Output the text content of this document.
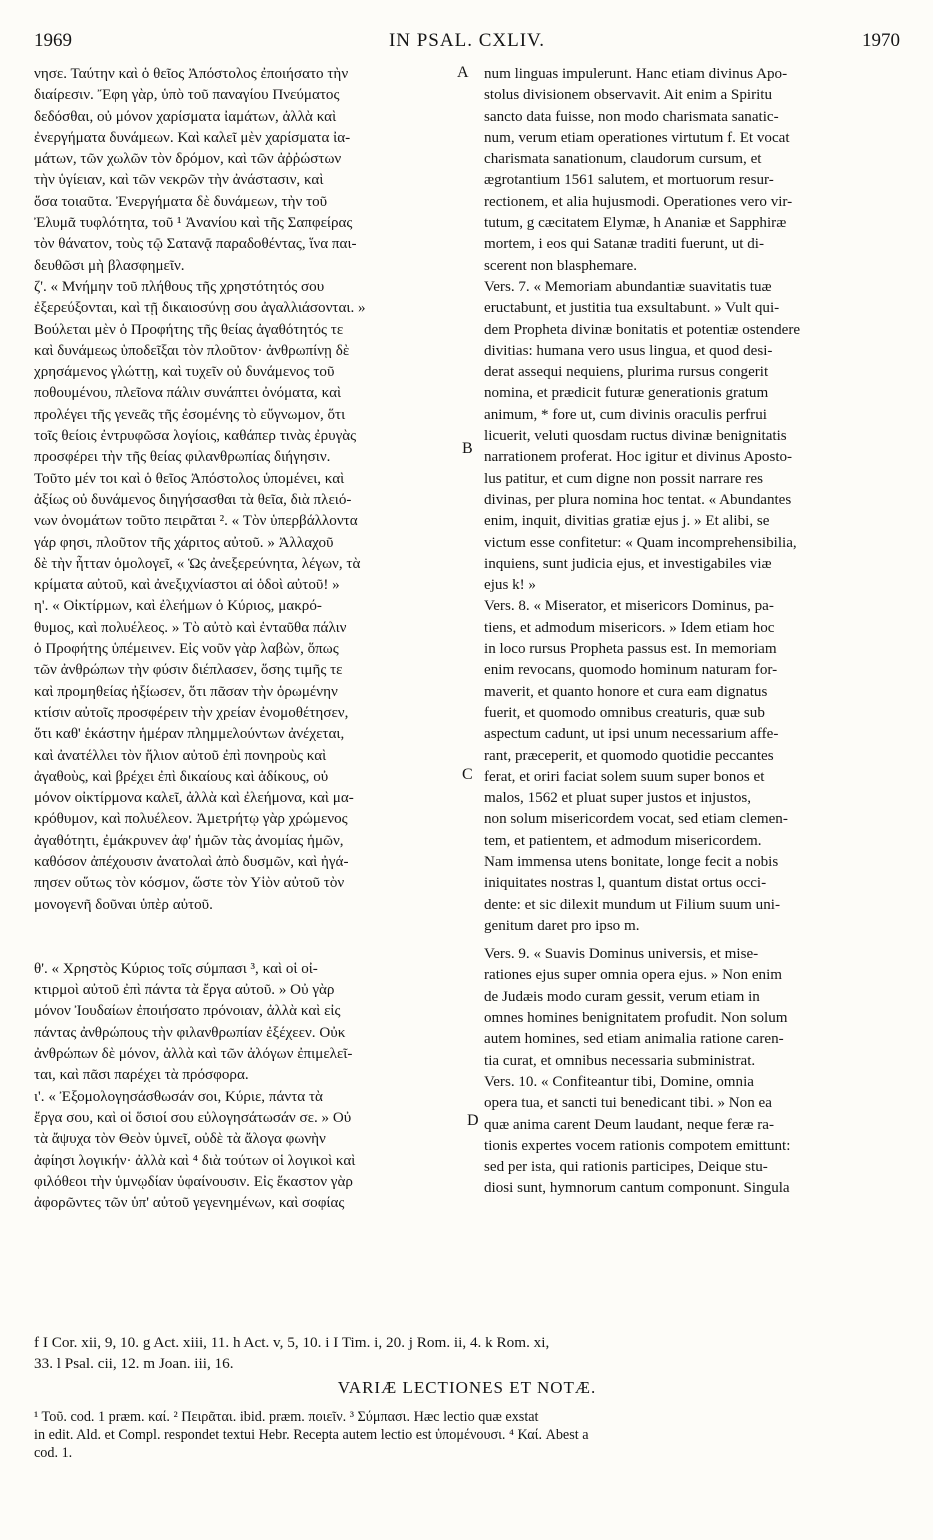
IN PSAL. CXLIV.
1969	1970

νησε. Ταύτην καὶ ὁ θεῖος Ἀπόστολος ἐποιήσατο τὴν

διαίρεσιν. Ἔφη γὰρ, ὑπὸ τοῦ παναγίου Πνεύματος

δεδόσθαι, οὐ μόνον χαρίσματα ἰαμάτων, ἀλλὰ καὶ

ἐνεργήματα δυνάμεων. Καὶ καλεῖ μὲν χαρίσματα ἰα-

μάτων, τῶν χωλῶν τὸν δρόμον, καὶ τῶν ἀῤῥώστων

τὴν ὑγίειαν, καὶ τῶν νεκρῶν τὴν ἀνάστασιν, καὶ

ὅσα τοιαῦτα. Ἐνεργήματα δὲ δυνάμεων, τὴν τοῦ

Ἐλυμᾶ τυφλότητα, τοῦ ¹ Ἀνανίου καὶ τῆς Σαπφείρας

τὸν θάνατον, τοὺς τῷ Σατανᾷ παραδοθέντας, ἵνα παι-

δευθῶσι μὴ βλασφημεῖν.

ζ'. « Μνήμην τοῦ πλήθους τῆς χρηστότητός σου

ἐξερεύξονται, καὶ τῇ δικαιοσύνῃ σου ἀγαλλιάσονται. »

Βούλεται μὲν ὁ Προφήτης τῆς θείας ἀγαθότητός τε

καὶ δυνάμεως ὑποδεῖξαι τὸν πλοῦτον· ἀνθρωπίνῃ δὲ

χρησάμενος γλώττῃ, καὶ τυχεῖν οὐ δυνάμενος τοῦ

ποθουμένου, πλεῖονα πάλιν συνάπτει ὀνόματα, καὶ

προλέγει τῆς γενεᾶς τῆς ἐσομένης τὸ εὔγνωμον, ὅτι

τοῖς θείοις ἐντρυφῶσα λογίοις, καθάπερ τινὰς ἐρυγὰς

προσφέρει τὴν τῆς θείας φιλανθρωπίας διήγησιν.

Τοῦτο μέν τοι καὶ ὁ θεῖος Ἀπόστολος ὑπομένει, καὶ

ἀξίως οὐ δυνάμενος διηγήσασθαι τὰ θεῖα, διὰ πλειό-

νων ὀνομάτων τοῦτο πειρᾶται ². « Τὸν ὑπερβάλλοντα

γάρ φησι, πλοῦτον τῆς χάριτος αὐτοῦ. » Ἀλλαχοῦ

δὲ τὴν ἧτταν ὁμολογεῖ, « Ὡς ἀνεξερεύνητα, λέγων, τὰ

κρίματα αὐτοῦ, καὶ ἀνεξιχνίαστοι αἱ ὁδοὶ αὐτοῦ! »

η'. « Οἰκτίρμων, καὶ ἐλεήμων ὁ Κύριος, μακρό-

θυμος, καὶ πολυέλεος. » Τὸ αὐτὸ καὶ ἐνταῦθα πάλιν

ὁ Προφήτης ὑπέμεινεν. Εἰς νοῦν γὰρ λαβὼν, ὅπως

τῶν ἀνθρώπων τὴν φύσιν διέπλασεν, ὅσης τιμῆς τε

καὶ προμηθείας ἠξίωσεν, ὅτι πᾶσαν τὴν ὁρωμένην

κτίσιν αὐτοῖς προσφέρειν τὴν χρείαν ἐνομοθέτησεν,

ὅτι καθ' ἑκάστην ἡμέραν πλημμελούντων ἀνέχεται,

καὶ ἀνατέλλει τὸν ἥλιον αὐτοῦ ἐπὶ πονηροὺς καὶ

ἀγαθοὺς, καὶ βρέχει ἐπὶ δικαίους καὶ ἀδίκους, οὐ

μόνον οἰκτίρμονα καλεῖ, ἀλλὰ καὶ ἐλεήμονα, καὶ μα-

κρόθυμον, καὶ πολυέλεον. Ἀμετρήτῳ γὰρ χρώμενος

ἀγαθότητι, ἐμάκρυνεν ἀφ' ἡμῶν τὰς ἀνομίας ἡμῶν,

καθόσον ἀπέχουσιν ἀνατολαὶ ἀπὸ δυσμῶν, καὶ ἠγά-

πησεν οὕτως τὸν κόσμον, ὥστε τὸν Υἱὸν αὐτοῦ τὸν

μονογενῆ δοῦναι ὑπὲρ αὐτοῦ.

θ'. « Χρηστὸς Κύριος τοῖς σύμπασι ³, καὶ οἱ οἰ-

κτιρμοὶ αὐτοῦ ἐπὶ πάντα τὰ ἔργα αὐτοῦ. » Οὐ γὰρ

μόνον Ἰουδαίων ἐποιήσατο πρόνοιαν, ἀλλὰ καὶ εἰς

πάντας ἀνθρώπους τὴν φιλανθρωπίαν ἐξέχεεν. Οὐκ

ἀνθρώπων δὲ μόνον, ἀλλὰ καὶ τῶν ἀλόγων ἐπιμελεῖ-

ται, καὶ πᾶσι παρέχει τὰ πρόσφορα.

ι'. « Ἐξομολογησάσθωσάν σοι, Κύριε, πάντα τὰ

ἔργα σου, καὶ οἱ ὅσιοί σου εὐλογησάτωσάν σε. » Οὐ

τὰ ἄψυχα τὸν Θεὸν ὑμνεῖ, οὐδὲ τὰ ἄλογα φωνὴν

ἀφίησι λογικήν· ἀλλὰ καὶ ⁴ διὰ τούτων οἱ λογικοὶ καὶ

φιλόθεοι τὴν ὑμνῳδίαν ὑφαίνουσιν. Εἰς ἕκαστον γὰρ

ἀφορῶντες τῶν ὑπ' αὐτοῦ γεγενημένων, καὶ σοφίας

num linguas impulerunt. Hanc etiam divinus Apo-

stolus divisionem observavit. Ait enim a Spiritu

sancto data fuisse, non modo charismata sanatic-

num, verum etiam operationes virtutum f. Et vocat

charismata sanationum, claudorum cursum, et

ægrotantium 1561 salutem, et mortuorum resur-

rectionem, et alia hujusmodi. Operationes vero vir-

tutum, g cæcitatem Elymæ, h Ananiæ et Sapphiræ

mortem, i eos qui Satanæ traditi fuerunt, ut di-

scerent non blasphemare.

Vers. 7. « Memoriam abundantiæ suavitatis tuæ

eructabunt, et justitia tua exsultabunt. » Vult qui-

dem Propheta divinæ bonitatis et potentiæ ostendere

divitias: humana vero usus lingua, et quod desi-

derat assequi nequiens, plurima rursus congerit

nomina, et prædicit futuræ generationis gratum

animum, * fore ut, cum divinis oraculis perfrui

licuerit, veluti quosdam ructus divinæ benignitatis

narrationem proferat. Hoc igitur et divinus Aposto-

lus patitur, et cum digne non possit narrare res

divinas, per plura nomina hoc tentat. « Abundantes

enim, inquit, divitias gratiæ ejus j. » Et alibi, se

victum esse confitetur: « Quam incomprehensibilia,

inquiens, sunt judicia ejus, et investigabiles viæ

ejus k! »

Vers. 8. « Miserator, et misericors Dominus, pa-

tiens, et admodum misericors. » Idem etiam hoc

in loco rursus Propheta passus est. In memoriam

enim revocans, quomodo hominum naturam for-

maverit, et quanto honore et cura eam dignatus

fuerit, et quomodo omnibus creaturis, quæ sub

aspectum cadunt, ut ipsi unum necessarium affe-

rant, præceperit, et quomodo quotidie peccantes

ferat, et oriri faciat solem suum super bonos et

malos, 1562 et pluat super justos et injustos,

non solum misericordem vocat, sed etiam clemen-

tem, et patientem, et admodum misericordem.

Nam immensa utens bonitate, longe fecit a nobis

iniquitates nostras l, quantum distat ortus occi-

dente: et sic dilexit mundum ut Filium suum uni-

genitum daret pro ipso m.

Vers. 9. « Suavis Dominus universis, et mise-

rationes ejus super omnia opera ejus. » Non enim

de Judæis modo curam gessit, verum etiam in

omnes homines benignitatem profudit. Non solum

autem homines, sed etiam animalia ratione caren-

tia curat, et omnibus necessaria subministrat.

Vers. 10. « Confiteantur tibi, Domine, omnia

opera tua, et sancti tui benedicant tibi. » Non ea

quæ anima carent Deum laudant, neque feræ ra-

tionis expertes vocem rationis compotem emittunt:

sed per ista, qui rationis participes, Deique stu-

diosi sunt, hymnorum cantum componunt. Singula

A
B
C
D

f I Cor. xii, 9, 10. g Act. xiii, 11. h Act. v, 5, 10. i I Tim. i, 20. j Rom. ii, 4. k Rom. xi,

33. l Psal. cii, 12. m Joan. iii, 16.

VARIÆ LECTIONES ET NOTÆ.

¹ Τοῦ. cod. 1 præm. καί. ² Πειρᾶται. ibid. præm. ποιεῖν. ³ Σύμπασι. Hæc lectio quæ exstat

in edit. Ald. et Compl. respondet textui Hebr. Recepta autem lectio est ὑπομένουσι. ⁴ Καί. Abest a

cod. 1.
